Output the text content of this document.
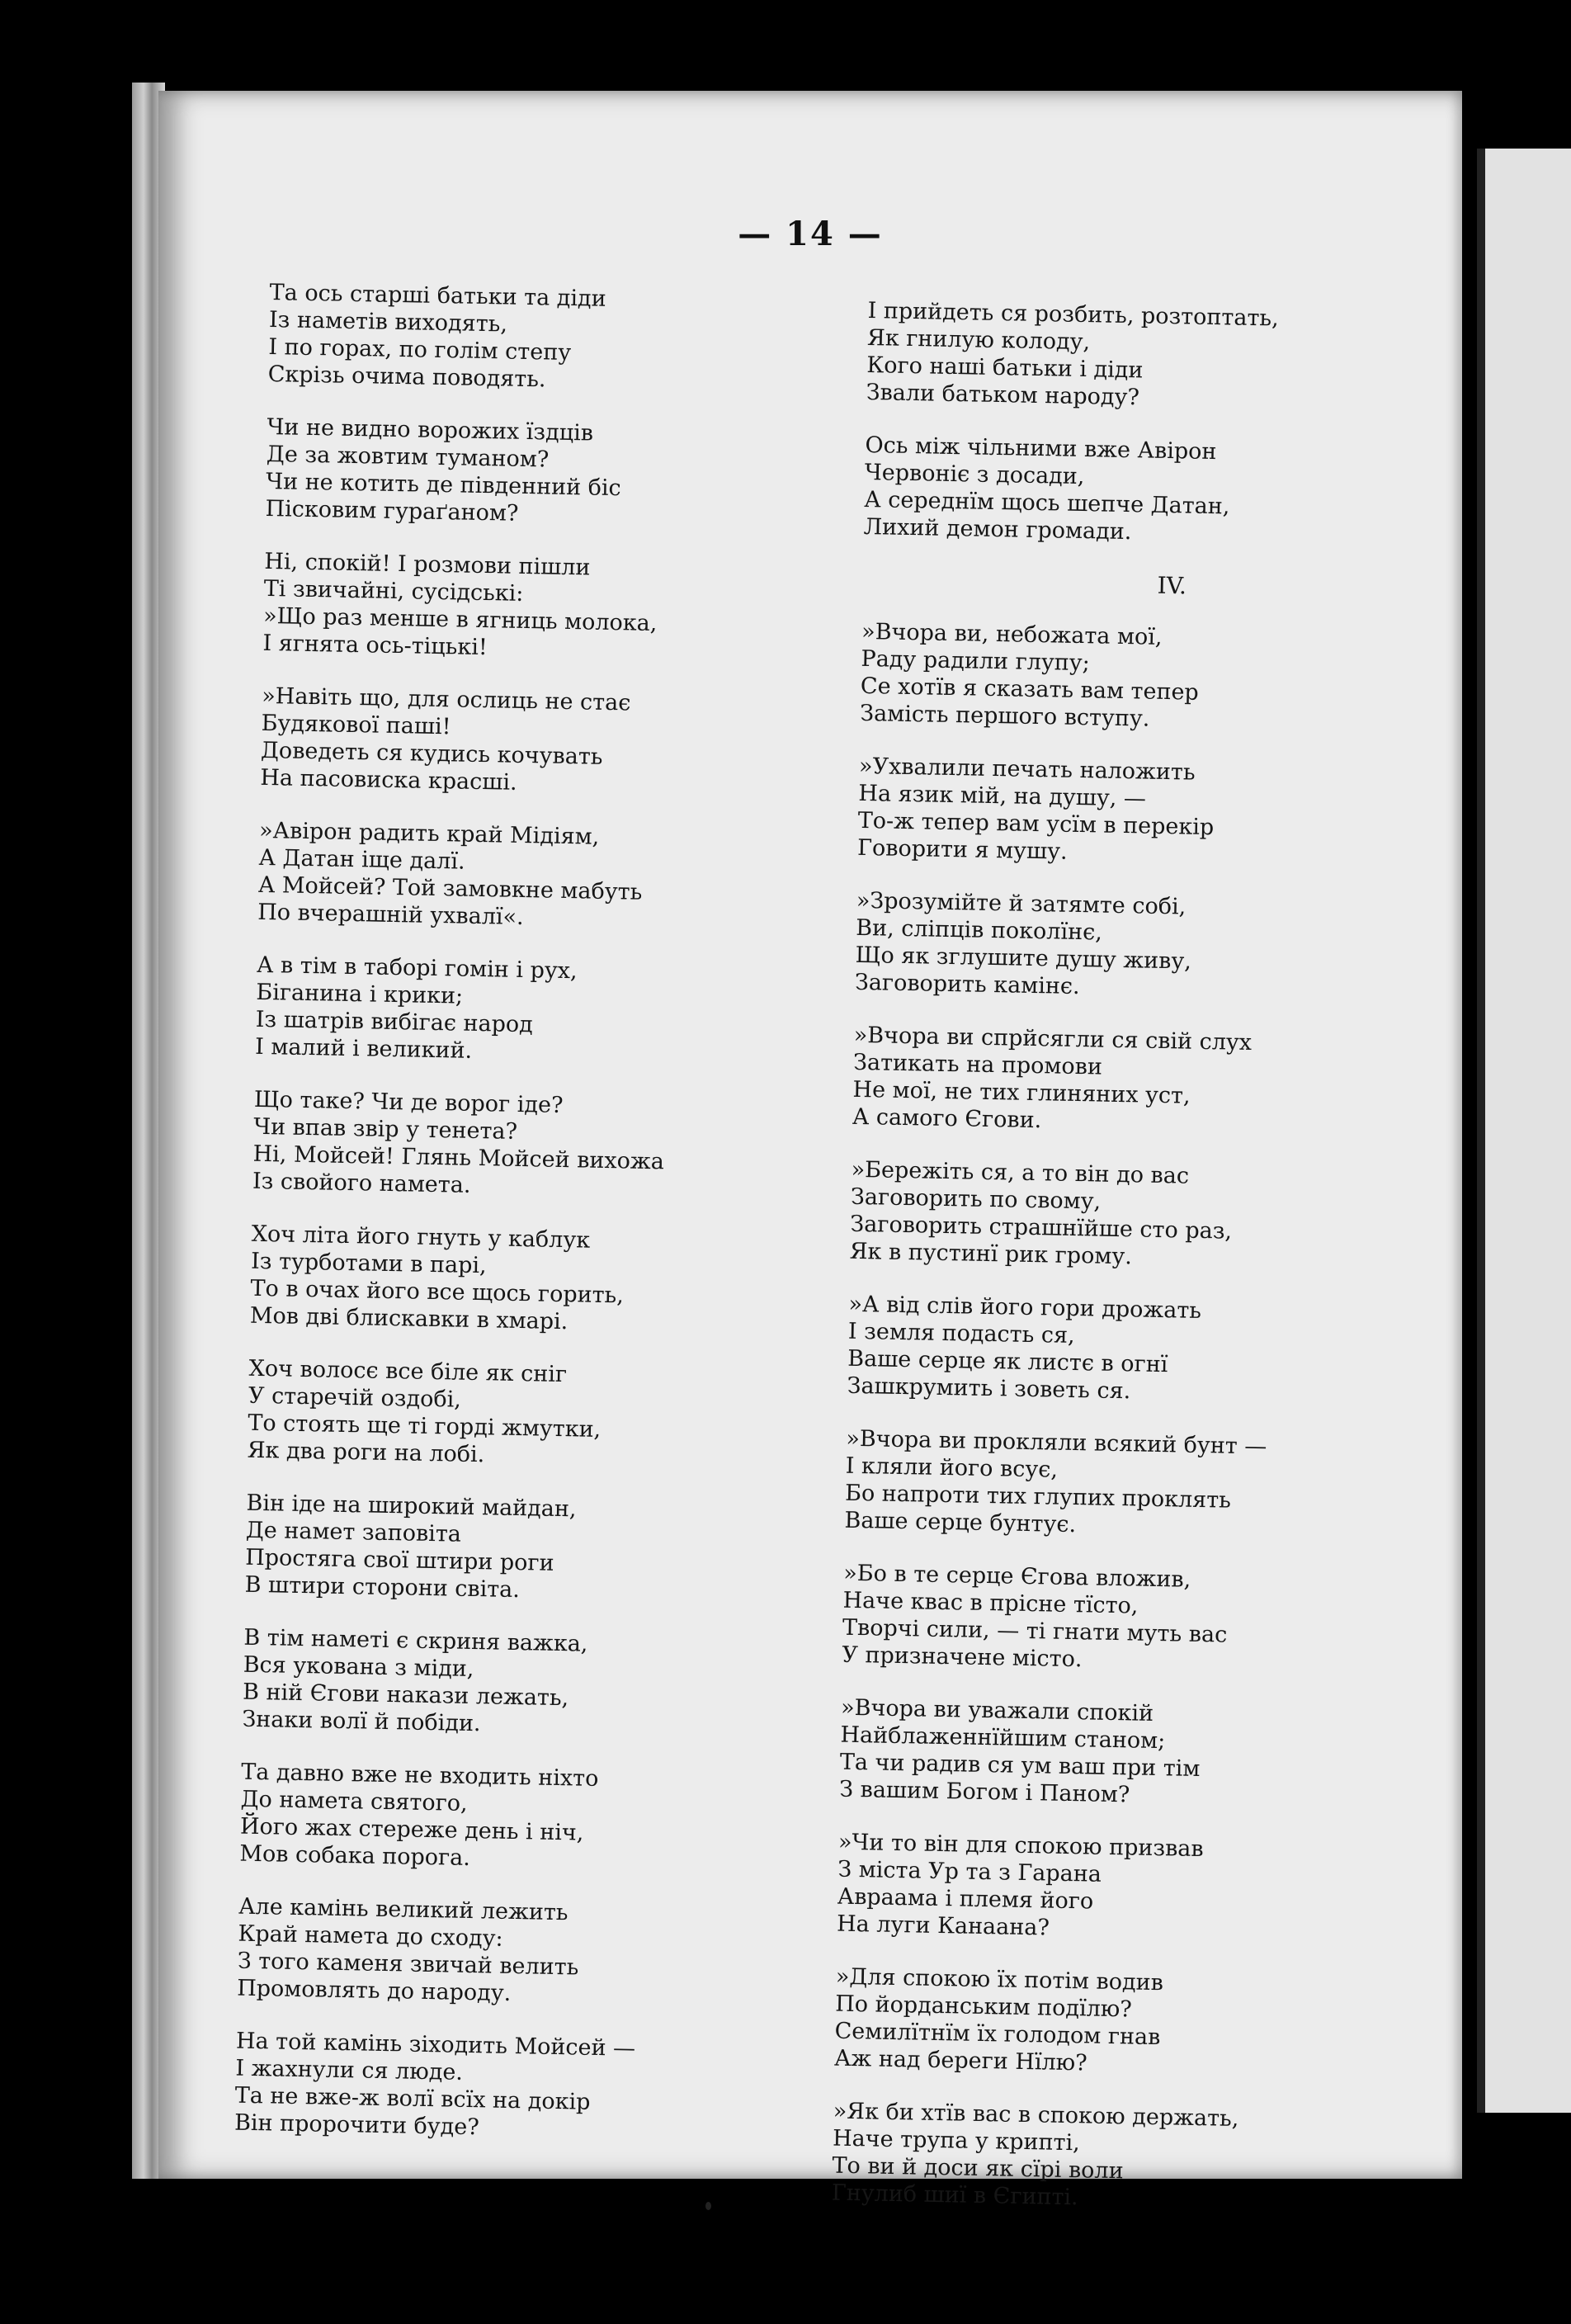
— 14 —
Та ось старші батьки та діди
Із наметів виходять,
І по горах, по голім степу
Скрізь очима поводять.
Чи не видно ворожих їздців
Де за жовтим туманом?
Чи не котить де південний біс
Пісковим гураґаном?
Ні, спокій! І розмови пішли
Ті звичайні, сусідські:
»Що раз менше в ягниць молока,
І ягнята ось-тіцькі!
»Навіть що, для ослиць не стає
Будякової паші!
Доведеть ся кудись кочувать
На пасовиска красші.
»Авірон радить край Мідіям,
А Датан іще далї.
А Мойсей? Той замовкне мабуть
По вчерашній ухвалї«.
А в тім в таборі гомін і рух,
Біганина і крики;
Із шатрів вибігає народ
І малий і великий.
Що таке? Чи де ворог іде?
Чи впав звір у тенета?
Ні, Мойсей! Глянь Мойсей вихожа
Із свойого намета.
Хоч літа його гнуть у каблук
Із турботами в парі,
То в очах його все щось горить,
Мов дві блискавки в хмарі.
Хоч волосє все біле як сніг
У старечій оздобі,
То стоять ще ті горді жмутки,
Як два роги на лобі.
Він іде на широкий майдан,
Де намет заповіта
Простяга свої штири роги
В штири сторони світа.
В тім наметі є скриня важка,
Вся укована з міди,
В ній Єгови накази лежать,
Знаки волї й побіди.
Та давно вже не входить ніхто
До намета святого,
Його жах стереже день і ніч,
Мов собака порога.
Але камінь великий лежить
Край намета до сходу:
З того каменя звичай велить
Промовлять до народу.
На той камінь зіходить Мойсей —
І жахнули ся люде.
Та не вже-ж волї всїх на докір
Він пророчити буде?
І прийдеть ся розбить, розтоптать,
Як гнилую колоду,
Кого наші батьки і діди
Звали батьком народу?
Ось між чільними вже Авірон
Червоніє з досади,
А середнїм щось шепче Датан,
Лихий демон громади.
IV.
»Вчора ви, небожата мої,
Раду радили глупу;
Се хотїв я сказать вам тепер
Замість першого вступу.
»Ухвалили печать наложить
На язик мій, на душу, —
То-ж тепер вам усїм в перекір
Говорити я мушу.
»Зрозумійте й затямте собі,
Ви, сліпців поколїнє,
Що як зглушите душу живу,
Заговорить камінє.
»Вчора ви спрйсягли ся свій слух
Затикать на промови
Не мої, не тих глиняних уст,
А самого Єгови.
»Бережіть ся, а то він до вас
Заговорить по свому,
Заговорить страшнїйше сто раз,
Як в пустинї рик грому.
»А від слів його гори дрожать
І земля подасть ся,
Ваше серце як листє в огнї
Зашкрумить і зоветь ся.
»Вчора ви прокляли всякий бунт —
І кляли його всує,
Бо напроти тих глупих проклять
Ваше серце бунтує.
»Бо в те серце Єгова вложив,
Наче квас в прісне тїсто,
Творчі сили, — ті гнати муть вас
У призначене місто.
»Вчора ви уважали спокій
Найблаженнїйшим станом;
Та чи радив ся ум ваш при тім
З вашим Богом і Паном?
»Чи то він для спокою призвав
З міста Ур та з Гарана
Авраама і племя його
На луги Канаана?
»Для спокою їх потім водив
По йорданським подїлю?
Семилїтнїм їх голодом гнав
Аж над береги Нїлю?
»Як би хтїв вас в спокою держать,
Наче трупа у крипті,
То ви й доси як сїрі воли
Гнулиб шиї в Єгипті.
